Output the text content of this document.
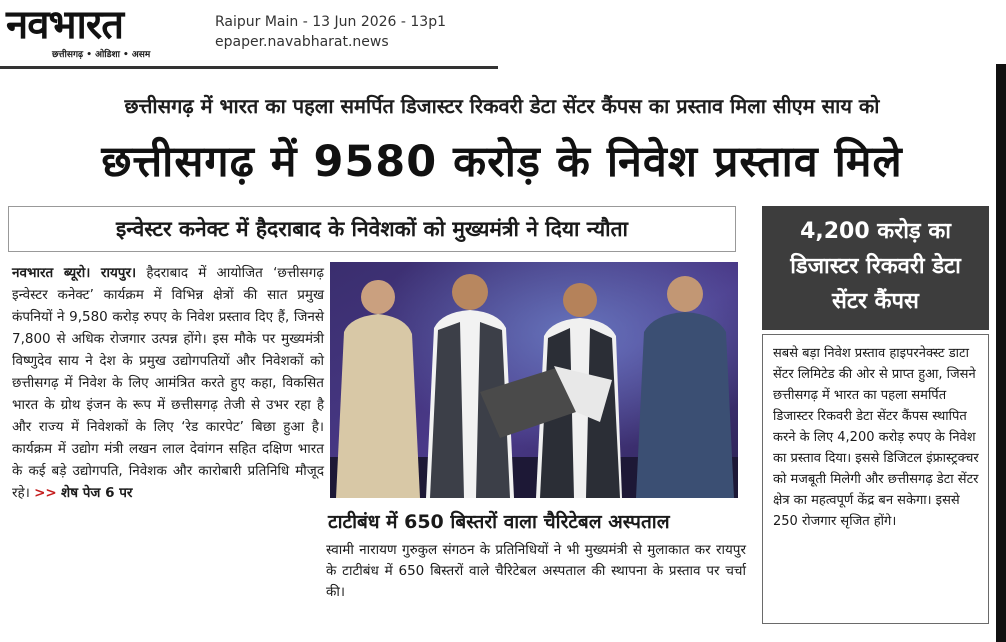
नवभारत
छत्तीसगढ़ • ओडिशा • असम
Raipur Main - 13 Jun 2026 - 13p1
epaper.navabharat.news
छत्तीसगढ़ में भारत का पहला समर्पित डिजास्टर रिकवरी डेटा सेंटर कैंपस का प्रस्ताव मिला सीएम साय को
छत्तीसगढ़ में 9580 करोड़ के निवेश प्रस्ताव मिले
इन्वेस्टर कनेक्ट में हैदराबाद के निवेशकों को मुख्यमंत्री ने दिया न्यौता
नवभारत ब्यूरो। रायपुर। हैदराबाद में आयोजित ‘छत्तीसगढ़ इन्वेस्टर कनेक्ट’ कार्यक्रम में विभिन्न क्षेत्रों की सात प्रमुख कंपनियों ने 9,580 करोड़ रुपए के निवेश प्रस्ताव दिए हैं, जिनसे 7,800 से अधिक रोजगार उत्पन्न होंगे। इस मौके पर मुख्यमंत्री विष्णुदेव साय ने देश के प्रमुख उद्योगपतियों और निवेशकों को छत्तीसगढ़ में निवेश के लिए आमंत्रित करते हुए कहा, विकसित भारत के ग्रोथ इंजन के रूप में छत्तीसगढ़ तेजी से उभर रहा है और राज्य में निवेशकों के लिए ‘रेड कारपेट’ बिछा हुआ है। कार्यक्रम में उद्योग मंत्री लखन लाल देवांगन सहित दक्षिण भारत के कई बड़े उद्योगपति, निवेशक और कारोबारी प्रतिनिधि मौजूद रहे। >> शेष पेज 6 पर
टाटीबंध में 650 बिस्तरों वाला चैरिटेबल अस्पताल
स्वामी नारायण गुरुकुल संगठन के प्रतिनिधियों ने भी मुख्यमंत्री से मुलाकात कर रायपुर के टाटीबंध में 650 बिस्तरों वाले चैरिटेबल अस्पताल की स्थापना के प्रस्ताव पर चर्चा की।
4,200 करोड़ का
डिजास्टर रिकवरी डेटा
सेंटर कैंपस
सबसे बड़ा निवेश प्रस्ताव हाइपरनेक्स्ट डाटा सेंटर लिमिटेड की ओर से प्राप्त हुआ, जिसने छत्तीसगढ़ में भारत का पहला समर्पित डिजास्टर रिकवरी डेटा सेंटर कैंपस स्थापित करने के लिए 4,200 करोड़ रुपए के निवेश का प्रस्ताव दिया। इससे डिजिटल इंफ्रास्ट्रक्चर को मजबूती मिलेगी और छत्तीसगढ़ डेटा सेंटर क्षेत्र का महत्वपूर्ण केंद्र बन सकेगा। इससे 250 रोजगार सृजित होंगे।
